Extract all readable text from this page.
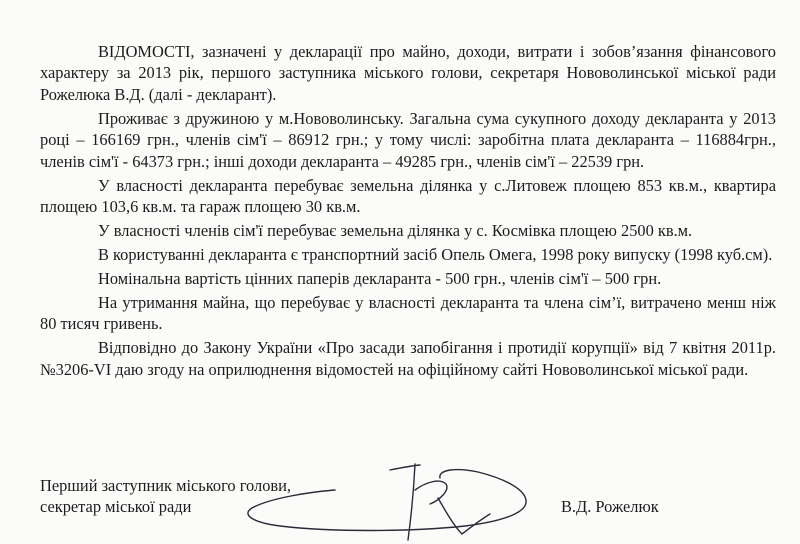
ВІДОМОСТІ, зазначені у декларації про майно, доходи, витрати і зобов’язання фінансового характеру за 2013 рік, першого заступника міського голови, секретаря Нововолинської міської ради Рожелюка В.Д. (далі - декларант).

Проживає з дружиною у м.Нововолинську. Загальна сума сукупного доходу декларанта у 2013 році – 166169 грн., членів сім'ї – 86912 грн.; у тому числі: заробітна плата декларанта – 116884грн., членів сім'ї - 64373 грн.; інші доходи декларанта – 49285 грн., членів сім'ї – 22539 грн.

У власності декларанта перебуває земельна ділянка у с.Литовеж площею 853 кв.м., квартира площею 103,6 кв.м. та гараж площею 30 кв.м.

У власності членів сім'ї перебуває земельна ділянка у с. Космівка площею 2500 кв.м.

В користуванні декларанта є транспортний засіб Опель Омега, 1998 року випуску (1998 куб.см).

Номінальна вартість цінних паперів декларанта - 500 грн., членів сім'ї – 500 грн.

На утримання майна, що перебуває у власності декларанта та члена сім’ї, витрачено менш ніж 80 тисяч гривень.

Відповідно до Закону України «Про засади запобігання і протидії корупції» від 7 квітня 2011р. №3206-VI даю згоду на оприлюднення відомостей на офіційному сайті Нововолинської міської ради.

Перший заступник міського голови,
секретар міської ради	В.Д. Рожелюк
